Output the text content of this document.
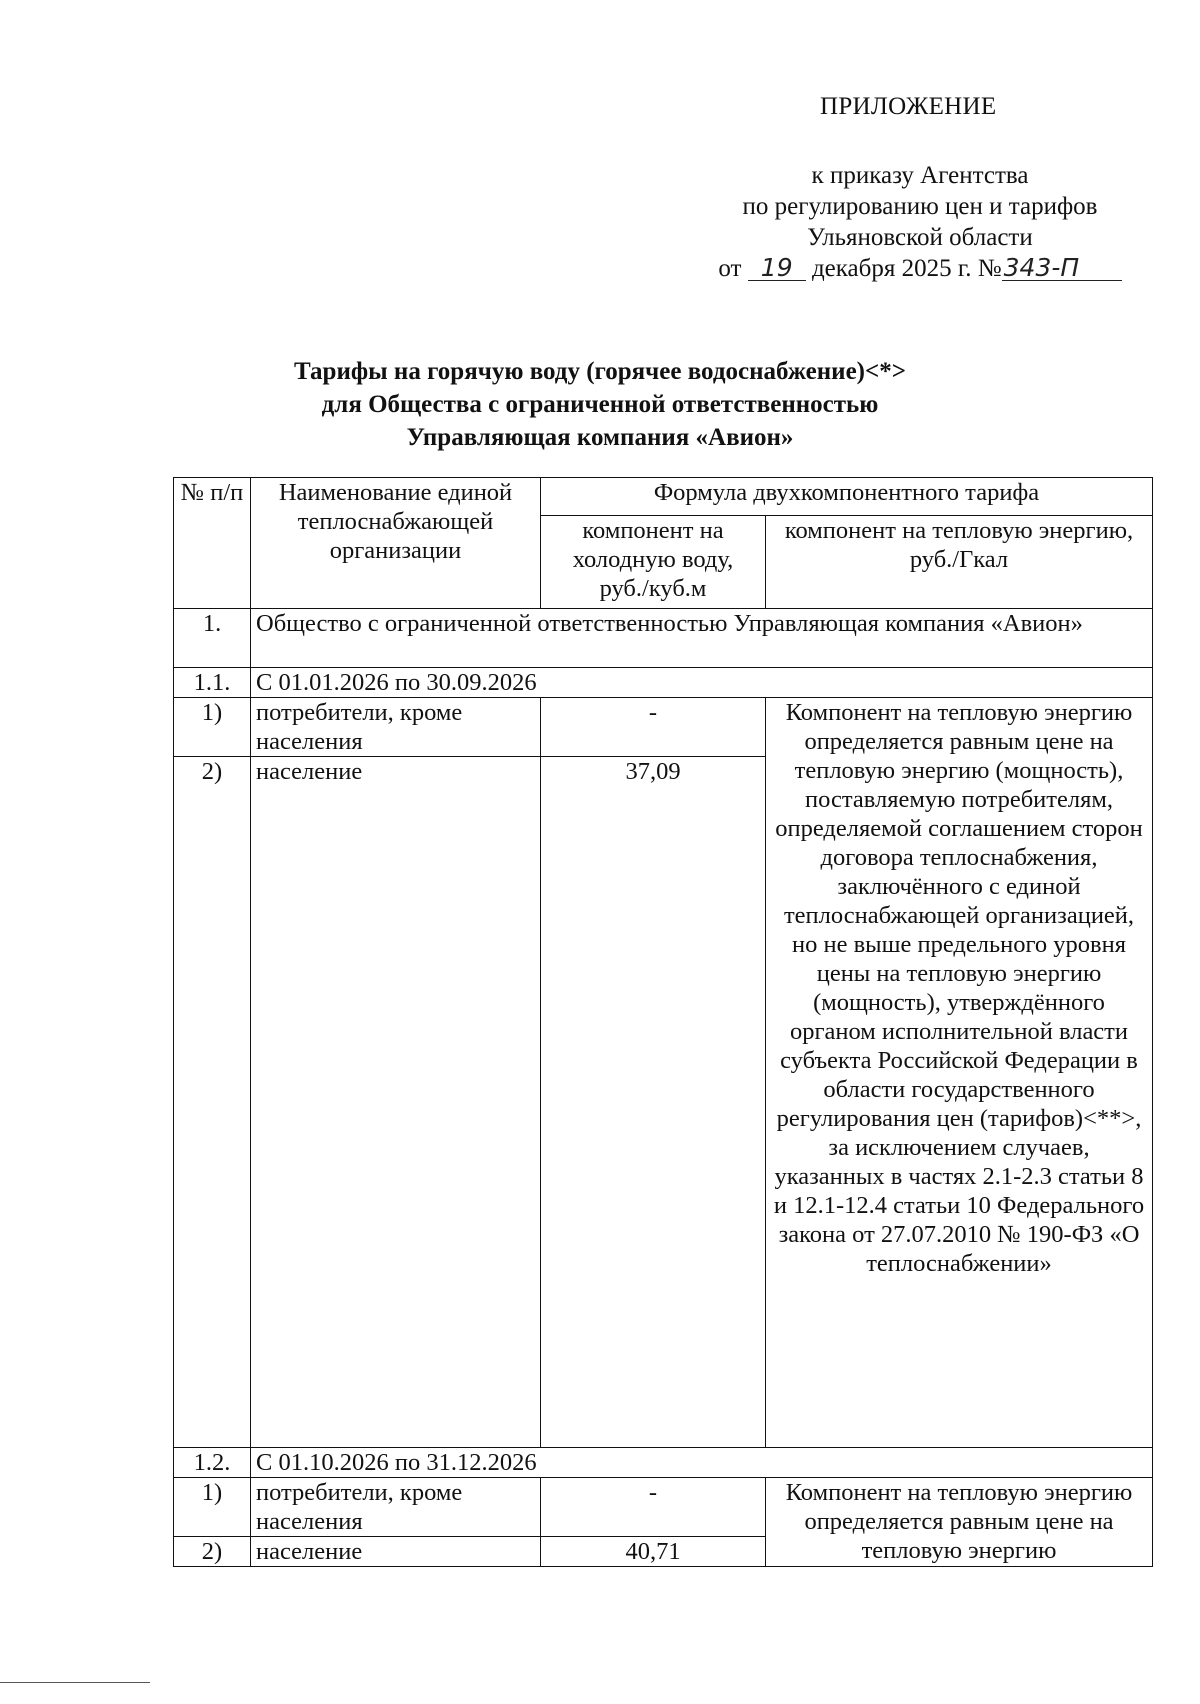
ПРИЛОЖЕНИЕ
к приказу Агентства
по регулированию цен и тарифов
Ульяновской области
от 19 декабря 2025 г. №343-П
Тарифы на горячую воду (горячее водоснабжение)<*>
для Общества с ограниченной ответственностью
Управляющая компания «Авион»
№ п/п	Наименование единой теплоснабжающей организации	Формула двухкомпонентного тарифа	
		компонент на холодную воду, руб./куб.м	компонент на тепловую энергию, руб./Гкал
1.	Общество с ограниченной ответственностью Управляющая компания «Авион»		
1.1.	С 01.01.2026 по 30.09.2026		
1)	потребители, кроме населения	-	Компонент на тепловую энергию определяется равным цене на тепловую энергию (мощность), поставляемую потребителям, определяемой соглашением сторон договора теплоснабжения, заключённого с единой теплоснабжающей организацией, но не выше предельного уровня цены на тепловую энергию (мощность), утверждённого органом исполнительной власти субъекта Российской Федерации в области государственного регулирования цен (тарифов)<**>, за исключением случаев, указанных в частях 2.1-2.3 статьи 8 и 12.1-12.4 статьи 10 Федерального закона от 27.07.2010 № 190-ФЗ «О теплоснабжении»
2)	население	37,09	
1.2.	С 01.10.2026 по 31.12.2026		
1)	потребители, кроме населения	-	Компонент на тепловую энергию определяется равным цене на тепловую энергию
2)	население	40,71	
